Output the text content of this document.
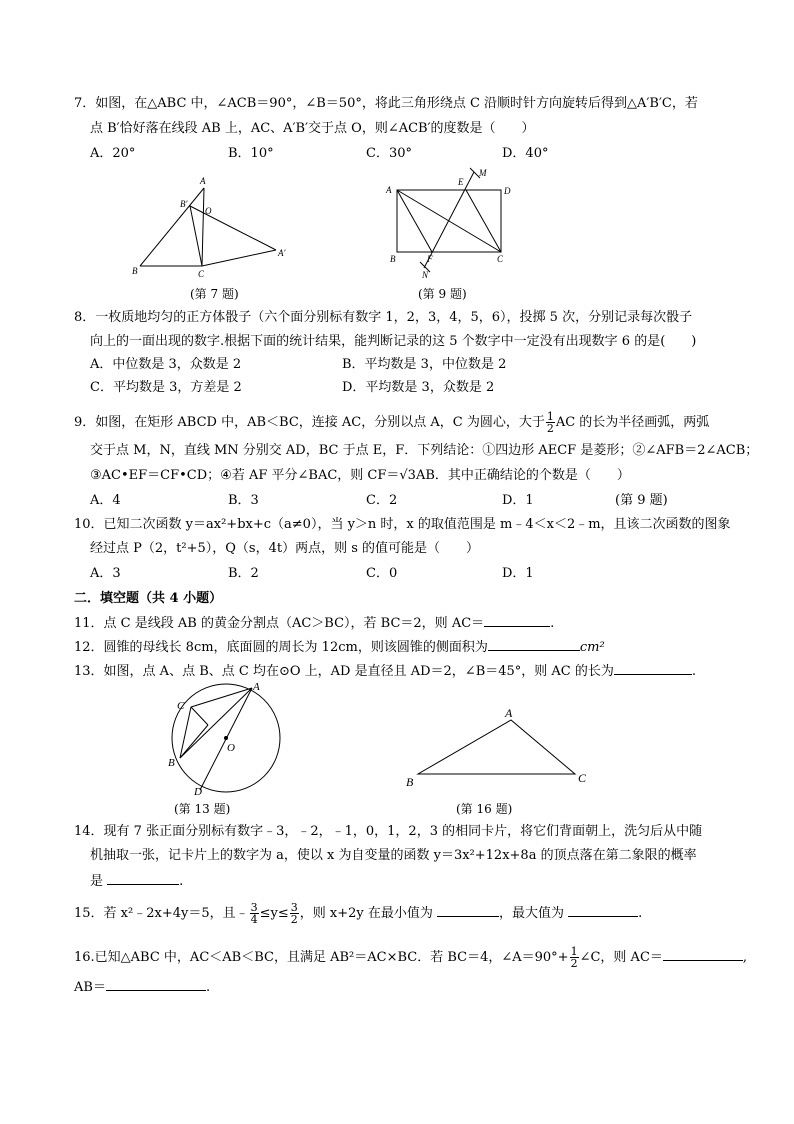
7．如图，在△ABC 中，∠ACB＝90°，∠B＝50°，将此三角形绕点 C 沿顺时针方向旋转后得到△A′B′C，若
点 B′恰好落在线段 AB 上，AC、A′B′交于点 O，则∠ACB′的度数是（　　）
A．20°	B．10°	C．30°	D．40°
A
B′
O
A′
B	C
(第 7 题)
A
E
M
D
B	F
N
C
(第 9 题)
8．一枚质地均匀的正方体骰子（六个面分别标有数字 1，2，3，4，5，6），投掷 5 次，分别记录每次骰子
向上的一面出现的数字.根据下面的统计结果，能判断记录的这 5 个数字中一定没有出现数字 6 的是(　　)
A．中位数是 3，众数是 2	B．平均数是 3，中位数是 2
C．平均数是 3，方差是 2	D．平均数是 3，众数是 2
9．如图，在矩形 ABCD 中，AB＜BC，连接 AC，分别以点 A，C 为圆心，大于 $\frac{1}{2}$ AC 的长为半径画弧，两弧
交于点 M，N，直线 MN 分别交 AD，BC 于点 E，F．下列结论：①四边形 AECF 是菱形；②∠AFB＝2∠ACB；
③AC•EF＝CF•CD；④若 AF 平分∠BAC，则 CF＝√3AB．其中正确结论的个数是（　　）
A．4	B．3	C．2	D．1	(第 9 题)
10．已知二次函数 y＝ax²+bx+c（a≠0），当 y＞n 时，x 的取值范围是 m﹣4＜x＜2﹣m，且该二次函数的图象
经过点 P（2，t²+5），Q（s，4t）两点，则 s 的值可能是（　　）
A．3	B．2	C．0	D．1
二．填空题（共 4 小题）
11．点 C 是线段 AB 的黄金分割点（AC＞BC），若 BC＝2，则 AC＝	.
12．圆锥的母线长 8cm，底面圆的周长为 12cm，则该圆锥的侧面积为	cm²
13．如图，点 A、点 B、点 C 均在⊙O 上，AD 是直径且 AD＝2，∠B＝45°，则 AC 的长为	.
A
C
O
B
D
(第 13 题)
A
B	C
(第 16 题)
14．现有 7 张正面分别标有数字﹣3，﹣2，﹣1，0，1，2，3 的相同卡片，将它们背面朝上，洗匀后从中随
机抽取一张，记卡片上的数字为 a，使以 x 为自变量的函数 y＝3x²+12x+8a 的顶点落在第二象限的概率
是	.
15．若 x²﹣2x+4y＝5，且﹣ $\frac{3}{4} \le y\le \frac{3}{2}$ ，则 x+2y 在最小值为	，最大值为	.
16.已知△ABC 中，AC＜AB＜BC，且满足 AB²＝AC×BC．若 BC＝4，∠A＝90°+ $\frac{1}{2}$ ∠C，则 AC＝	,
AB＝	.
